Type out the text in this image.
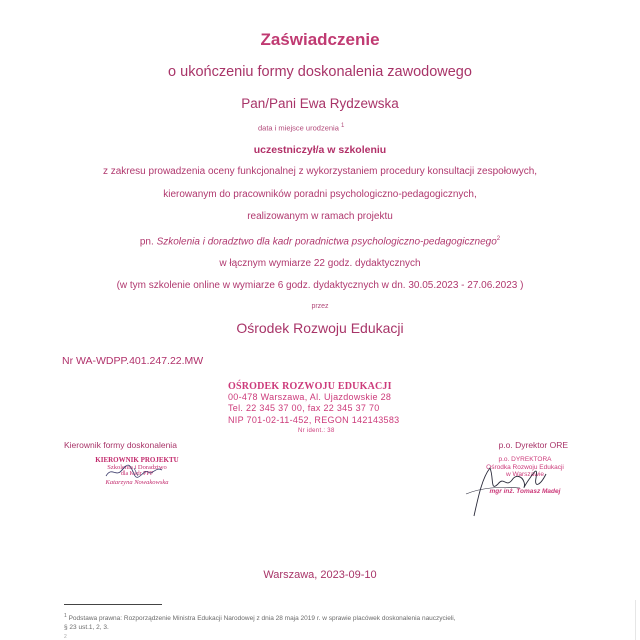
Zaświadczenie
o ukończeniu formy doskonalenia zawodowego
Pan/Pani Ewa Rydzewska
data i miejsce urodzenia $^1$
uczestniczył/a w szkoleniu
z zakresu prowadzenia oceny funkcjonalnej z wykorzystaniem procedury konsultacji zespołowych,
kierowanym do pracowników poradni psychologiczno-pedagogicznych,
realizowanym w ramach projektu
pn. Szkolenia i doradztwo dla kadr poradnictwa psychologiczno-pedagogicznego$^2$
w łącznym wymiarze 22 godz. dydaktycznych
(w tym szkolenie online w wymiarze 6 godz. dydaktycznych w dn. 30.05.2023 - 27.06.2023 )
przez
Ośrodek Rozwoju Edukacji
Nr WA-WDPP.401.247.22.MW
OŚRODEK ROZWOJU EDUKACJI
00-478 Warszawa, Al. Ujazdowskie 28
Tel. 22 345 37 00, fax 22 345 37 70
NIP 701-02-11-452, REGON 142143583
Nr ident.: 38
Kierownik formy doskonalenia
KIEROWNIK PROJEKTU
Szkolenia i Doradztwo
dla Kadr PPP
Katarzyna Nowakowska
p.o. Dyrektor ORE
p.o. DYREKTORA
Ośrodka Rozwoju Edukacji
w Warszawie
mgr inż. Tomasz Madej
Warszawa, 2023-09-10
$^1$ Podstawa prawna: Rozporządzenie Ministra Edukacji Narodowej z dnia 28 maja 2019 r. w sprawie placówek doskonalenia nauczycieli,
§ 23 ust.1, 2, 3.
$^2$
